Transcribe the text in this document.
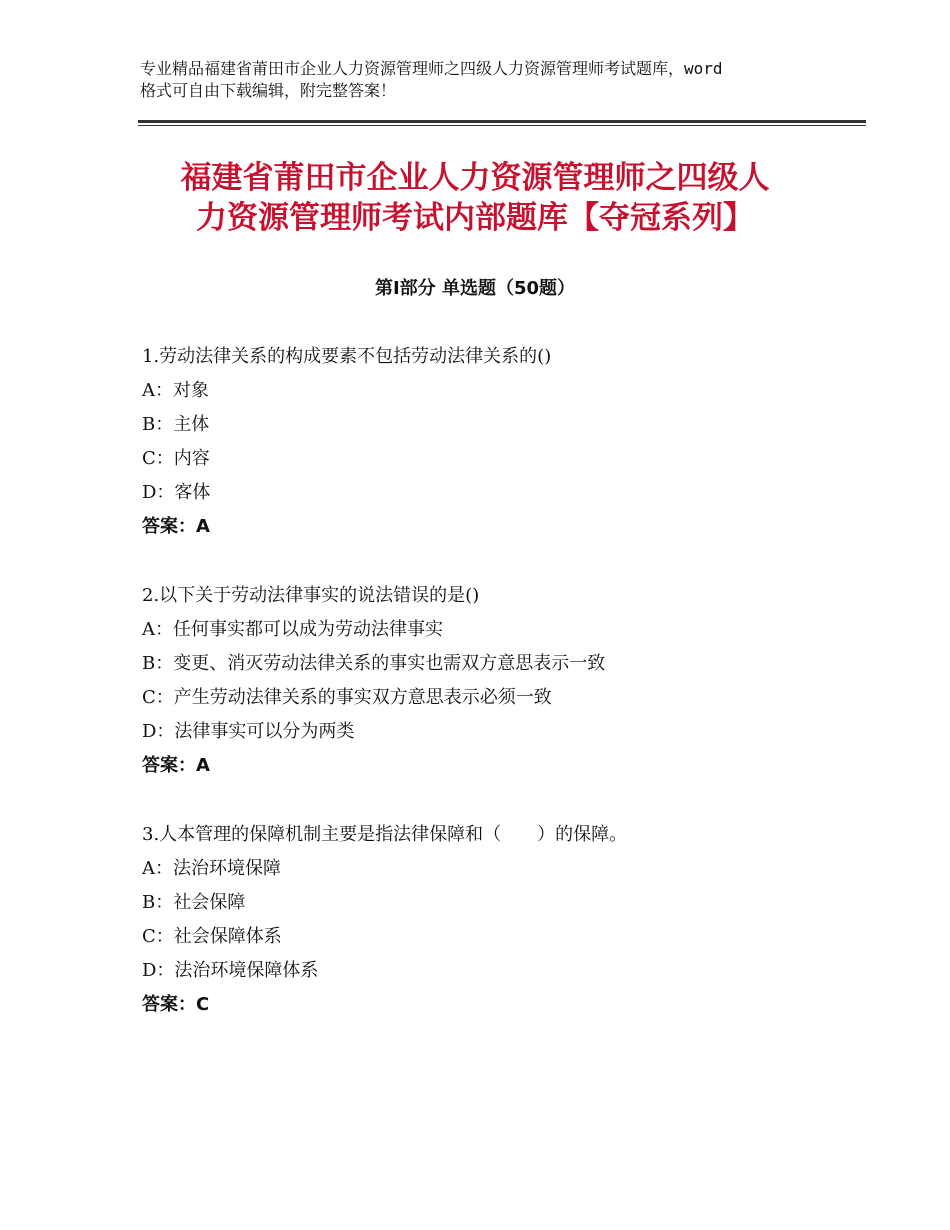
专业精品福建省莆田市企业人力资源管理师之四级人力资源管理师考试题库，word
格式可自由下载编辑，附完整答案！
福建省莆田市企业人力资源管理师之四级人
力资源管理师考试内部题库【夺冠系列】
第Ⅰ部分 单选题（50题）
1.劳动法律关系的构成要素不包括劳动法律关系的()
A：对象
B：主体
C：内容
D：客体
答案：A
2.以下关于劳动法律事实的说法错误的是()
A：任何事实都可以成为劳动法律事实
B：变更、消灭劳动法律关系的事实也需双方意思表示一致
C：产生劳动法律关系的事实双方意思表示必须一致
D：法律事实可以分为两类
答案：A
3.人本管理的保障机制主要是指法律保障和（　　）的保障。
A：法治环境保障
B：社会保障
C：社会保障体系
D：法治环境保障体系
答案：C
